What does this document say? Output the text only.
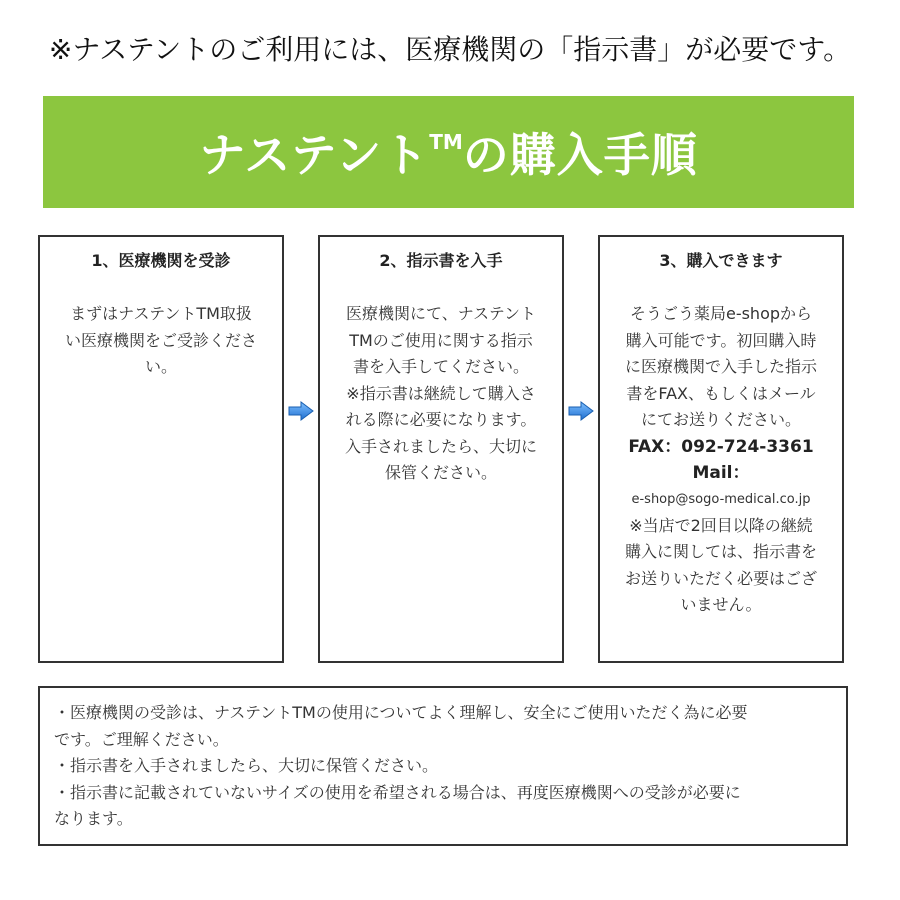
※ナステントのご利用には、医療機関の「指示書」が必要です。
ナステント™の購入手順
1、医療機関を受診
まずはナステントTM取扱
い医療機関をご受診くださ
い。
2、指示書を入手
医療機関にて、ナステント
TMのご使用に関する指示
書を入手してください。
※指示書は継続して購入さ
れる際に必要になります。
入手されましたら、大切に
保管ください。
3、購入できます
そうごう薬局e-shopから
購入可能です。初回購入時
に医療機関で入手した指示
書をFAX、もしくはメール
にてお送りください。
FAX：092-724-3361
Mail：
e-shop@sogo-medical.co.jp
※当店で2回目以降の継続
購入に関しては、指示書を
お送りいただく必要はござ
いません。
・医療機関の受診は、ナステントTMの使用についてよく理解し、安全にご使用いただく為に必要
です。ご理解ください。
・指示書を入手されましたら、大切に保管ください。
・指示書に記載されていないサイズの使用を希望される場合は、再度医療機関への受診が必要に
なります。
